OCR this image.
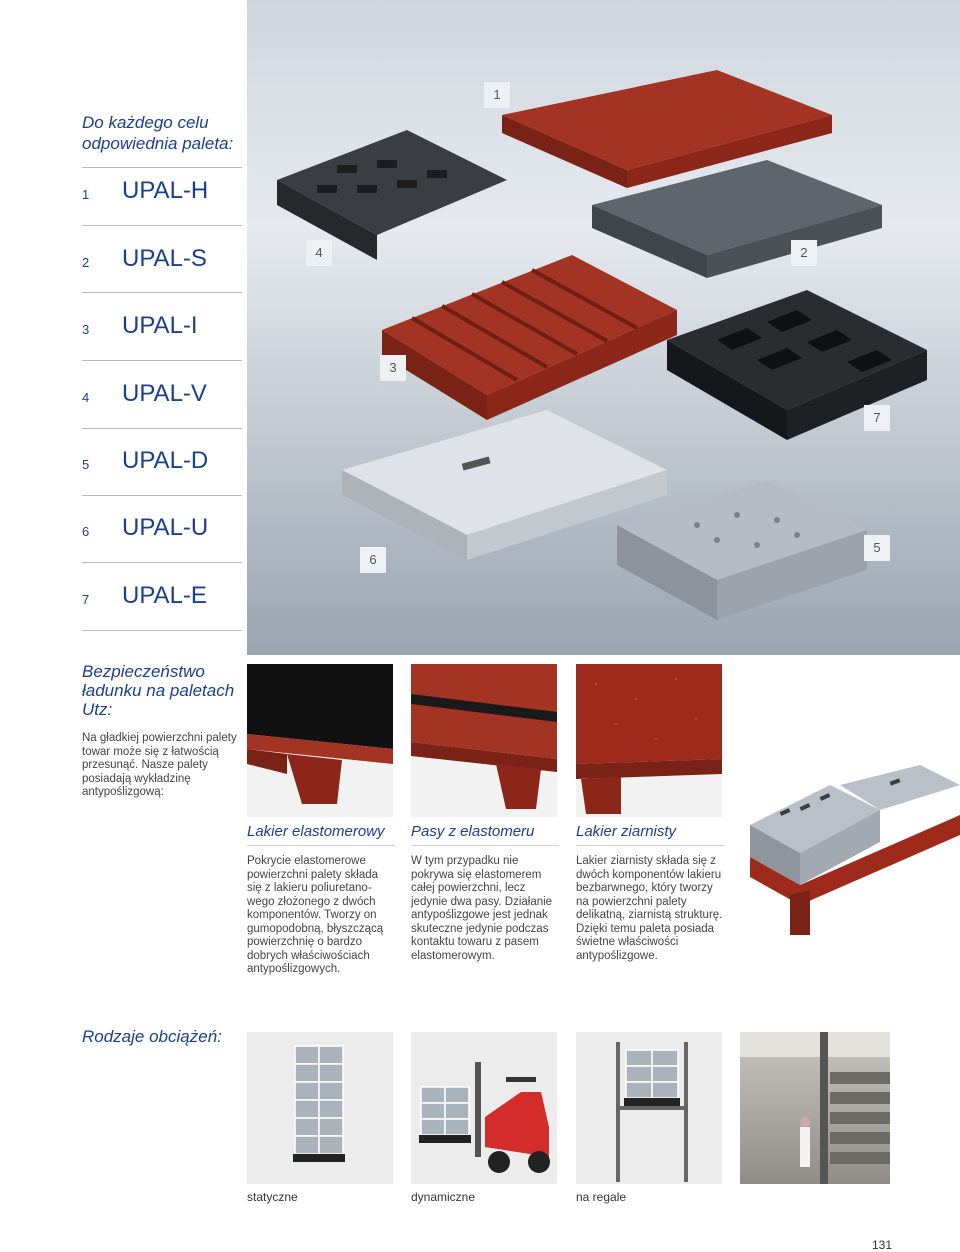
Do każdego celu odpowiednia paleta:
1 UPAL-H
2 UPAL-S
3 UPAL-I
4 UPAL-V
5 UPAL-D
6 UPAL-U
7 UPAL-E
1
2
3
4
5
6
7
Bezpieczeństwo ładunku na paletach Utz:
Na gładkiej powierzchni palety towar może się z łatwością przesunąć. Nasze palety posiadają wykładzinę antypoślizgową:
Lakier elastomerowy Pasy z elastomeru	Lakier ziarnisty
Pokrycie elastomerowe powierzchni palety składa się z lakieru poliuretano-wego złożonego z dwóch komponentów. Tworzy on gumopodobną, błyszczącą powierzchnię o bardzo dobrych właściwościach antypoślizgowych.
W tym przypadku nie pokrywa się elastomerem całej powierzchni, lecz jedynie dwa pasy. Działanie antypoślizgowe jest jednak skuteczne jedynie podczas kontaktu towaru z pasem elastomerowym.
Lakier ziarnisty składa się z dwóch komponentów lakieru bezbarwnego, który tworzy na powierzchni palety delikatną, ziarnistą strukturę. Dzięki temu paleta posiada świetne właściwości antypoślizgowe.
Rodzaje obciążeń:
statyczne	dynamiczne	na regale
131
